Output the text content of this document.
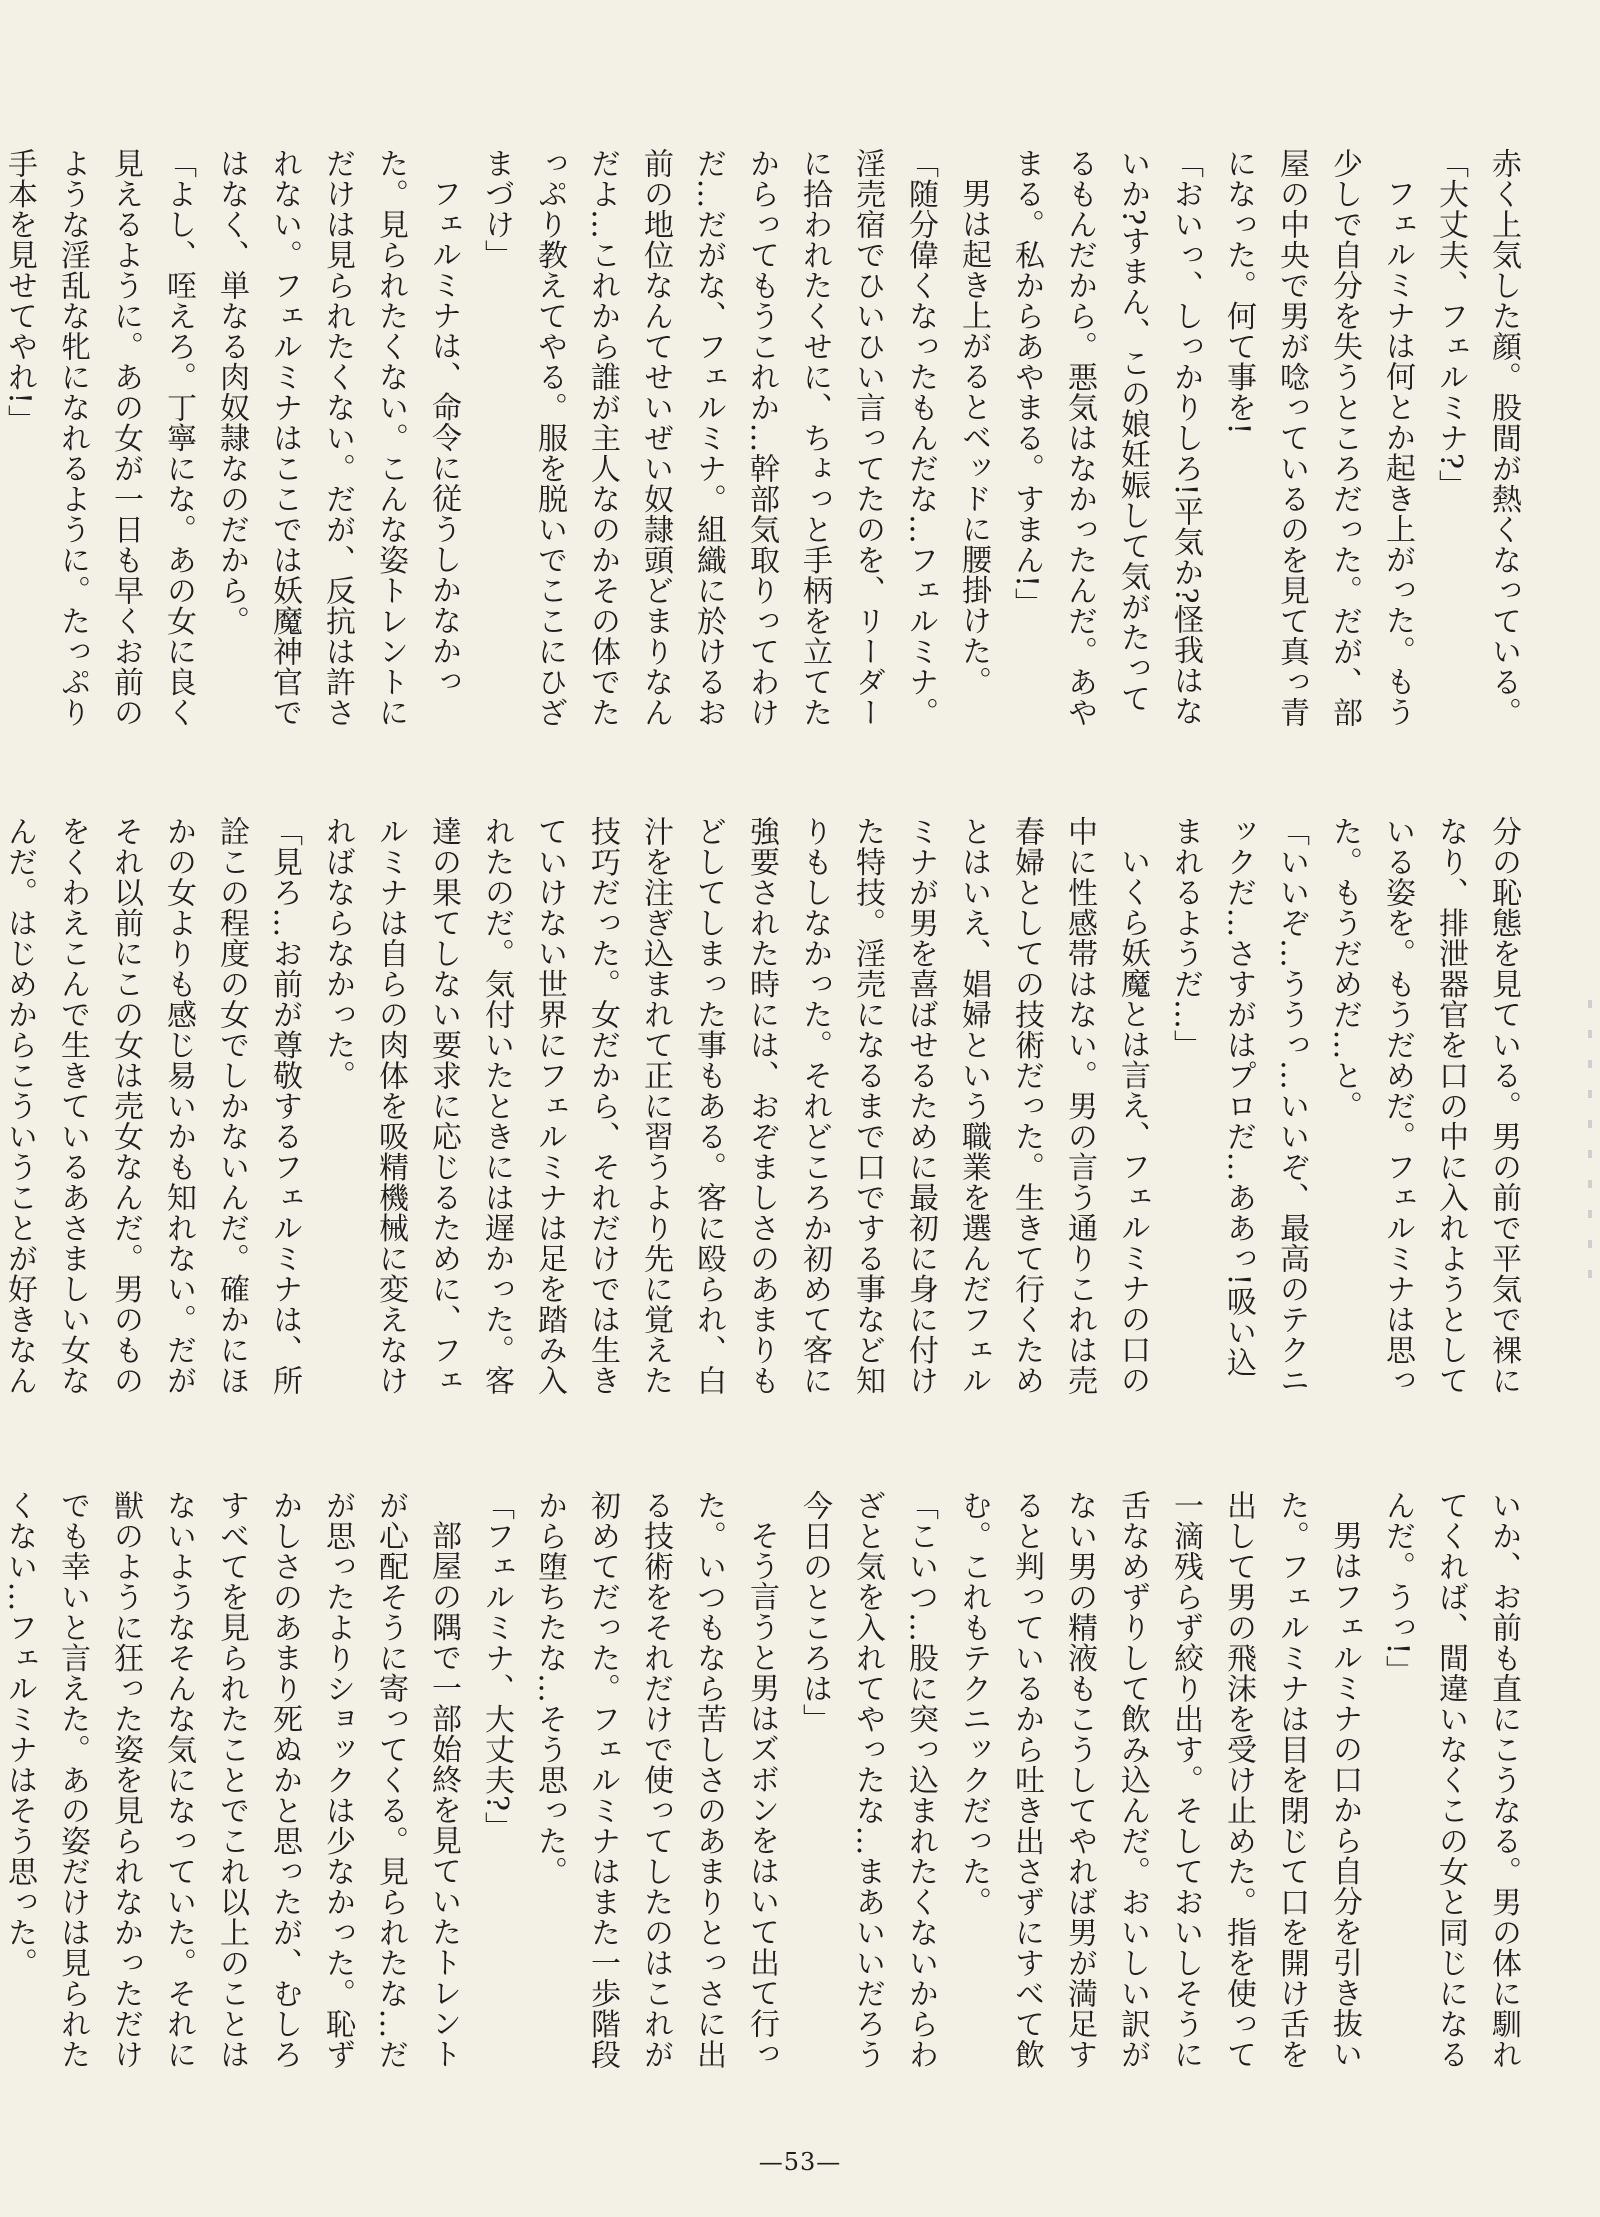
赤く上気した顔。股間が熱くなっている。

「大丈夫、フェルミナ?」

フェルミナは何とか起き上がった。もう少しで自分を失うところだった。だが、部屋の中央で男が唸っているのを見て真っ青になった。何て事を!

「おいっ、しっかりしろ!平気か?怪我はないか?すまん、この娘妊娠して気がたってるもんだから。悪気はなかったんだ。あやまる。私からあやまる。すまん!」

男は起き上がるとベッドに腰掛けた。

「随分偉くなったもんだな…フェルミナ。淫売宿でひいひい言ってたのを、リーダーに拾われたくせに、ちょっと手柄を立てたからってもうこれか…幹部気取りってわけだ…だがな、フェルミナ。組織に於けるお前の地位なんてせいぜい奴隷頭どまりなんだよ…これから誰が主人なのかその体でたっぷり教えてやる。服を脱いでここにひざまづけ」

フェルミナは、命令に従うしかなかった。見られたくない。こんな姿トレントにだけは見られたくない。だが、反抗は許されない。フェルミナはここでは妖魔神官ではなく、単なる肉奴隷なのだから。

「よし、咥えろ。丁寧にな。あの女に良く見えるように。あの女が一日も早くお前のような淫乱な牝になれるように。たっぷり手本を見せてやれ!」

分の恥態を見ている。男の前で平気で裸になり、排泄器官を口の中に入れようとしている姿を。もうだめだ。フェルミナは思った。もうだめだ…と。

「いいぞ…ううっ…いいぞ、最高のテクニックだ…さすがはプロだ…ああっ!吸い込まれるようだ…」

いくら妖魔とは言え、フェルミナの口の中に性感帯はない。男の言う通りこれは売春婦としての技術だった。生きて行くためとはいえ、娼婦という職業を選んだフェルミナが男を喜ばせるために最初に身に付けた特技。淫売になるまで口でする事など知りもしなかった。それどころか初めて客に強要された時には、おぞましさのあまりもどしてしまった事もある。客に殴られ、白汁を注ぎ込まれて正に習うより先に覚えた技巧だった。女だから、それだけでは生きていけない世界にフェルミナは足を踏み入れたのだ。気付いたときには遅かった。客達の果てしない要求に応じるために、フェルミナは自らの肉体を吸精機械に変えなければならなかった。

「見ろ…お前が尊敬するフェルミナは、所詮この程度の女でしかないんだ。確かにほかの女よりも感じ易いかも知れない。だがそれ以前にこの女は売女なんだ。男のものをくわえこんで生きているあさましい女なんだ。はじめからこういうことが好きなん

いか、お前も直にこうなる。男の体に馴れてくれば、間違いなくこの女と同じになるんだ。うっ!」

男はフェルミナの口から自分を引き抜いた。フェルミナは目を閉じて口を開け舌を出して男の飛沫を受け止めた。指を使って一滴残らず絞り出す。そしておいしそうに舌なめずりして飲み込んだ。おいしい訳がない男の精液もこうしてやれば男が満足すると判っているから吐き出さずにすべて飲む。これもテクニックだった。

「こいつ…股に突っ込まれたくないからわざと気を入れてやったな…まあいいだろう今日のところは」

そう言うと男はズボンをはいて出て行った。いつもなら苦しさのあまりとっさに出る技術をそれだけで使ってしたのはこれが初めてだった。フェルミナはまた一歩階段から堕ちたな…そう思った。

「フェルミナ、大丈夫?」

部屋の隅で一部始終を見ていたトレントが心配そうに寄ってくる。見られたな…だが思ったよりショックは少なかった。恥ずかしさのあまり死ぬかと思ったが、むしろすべてを見られたことでこれ以上のことはないようなそんな気になっていた。それに獣のように狂った姿を見られなかっただけでも幸いと言えた。あの姿だけは見られたくない…フェルミナはそう思った。

—53—
